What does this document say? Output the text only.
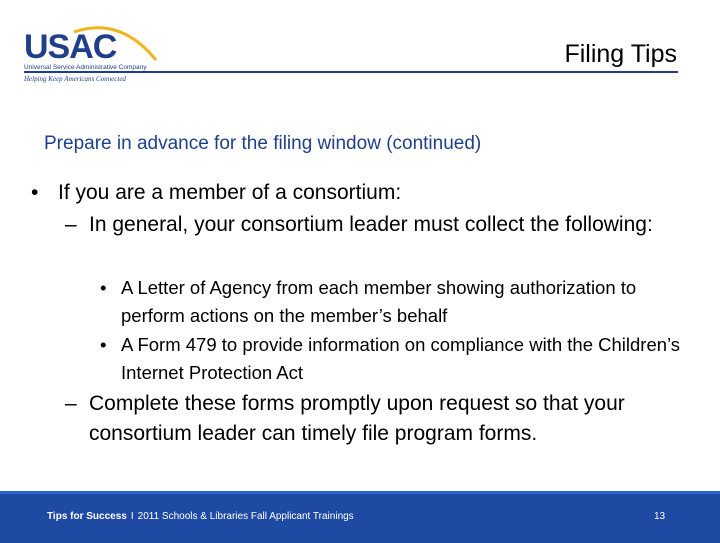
USAC
Universal Service Administrative Company
Helping Keep Americans Connected
Filing Tips
Prepare in advance for the filing window (continued)
• If you are a member of a consortium:
– In general, your consortium leader must collect the following:
• A Letter of Agency from each member showing authorization to perform actions on the member’s behalf
• A Form 479 to provide information on compliance with the Children’s Internet Protection Act
– Complete these forms promptly upon request so that your consortium leader can timely file program forms.
Tips for Success I 2011 Schools & Libraries Fall Applicant Trainings	13
